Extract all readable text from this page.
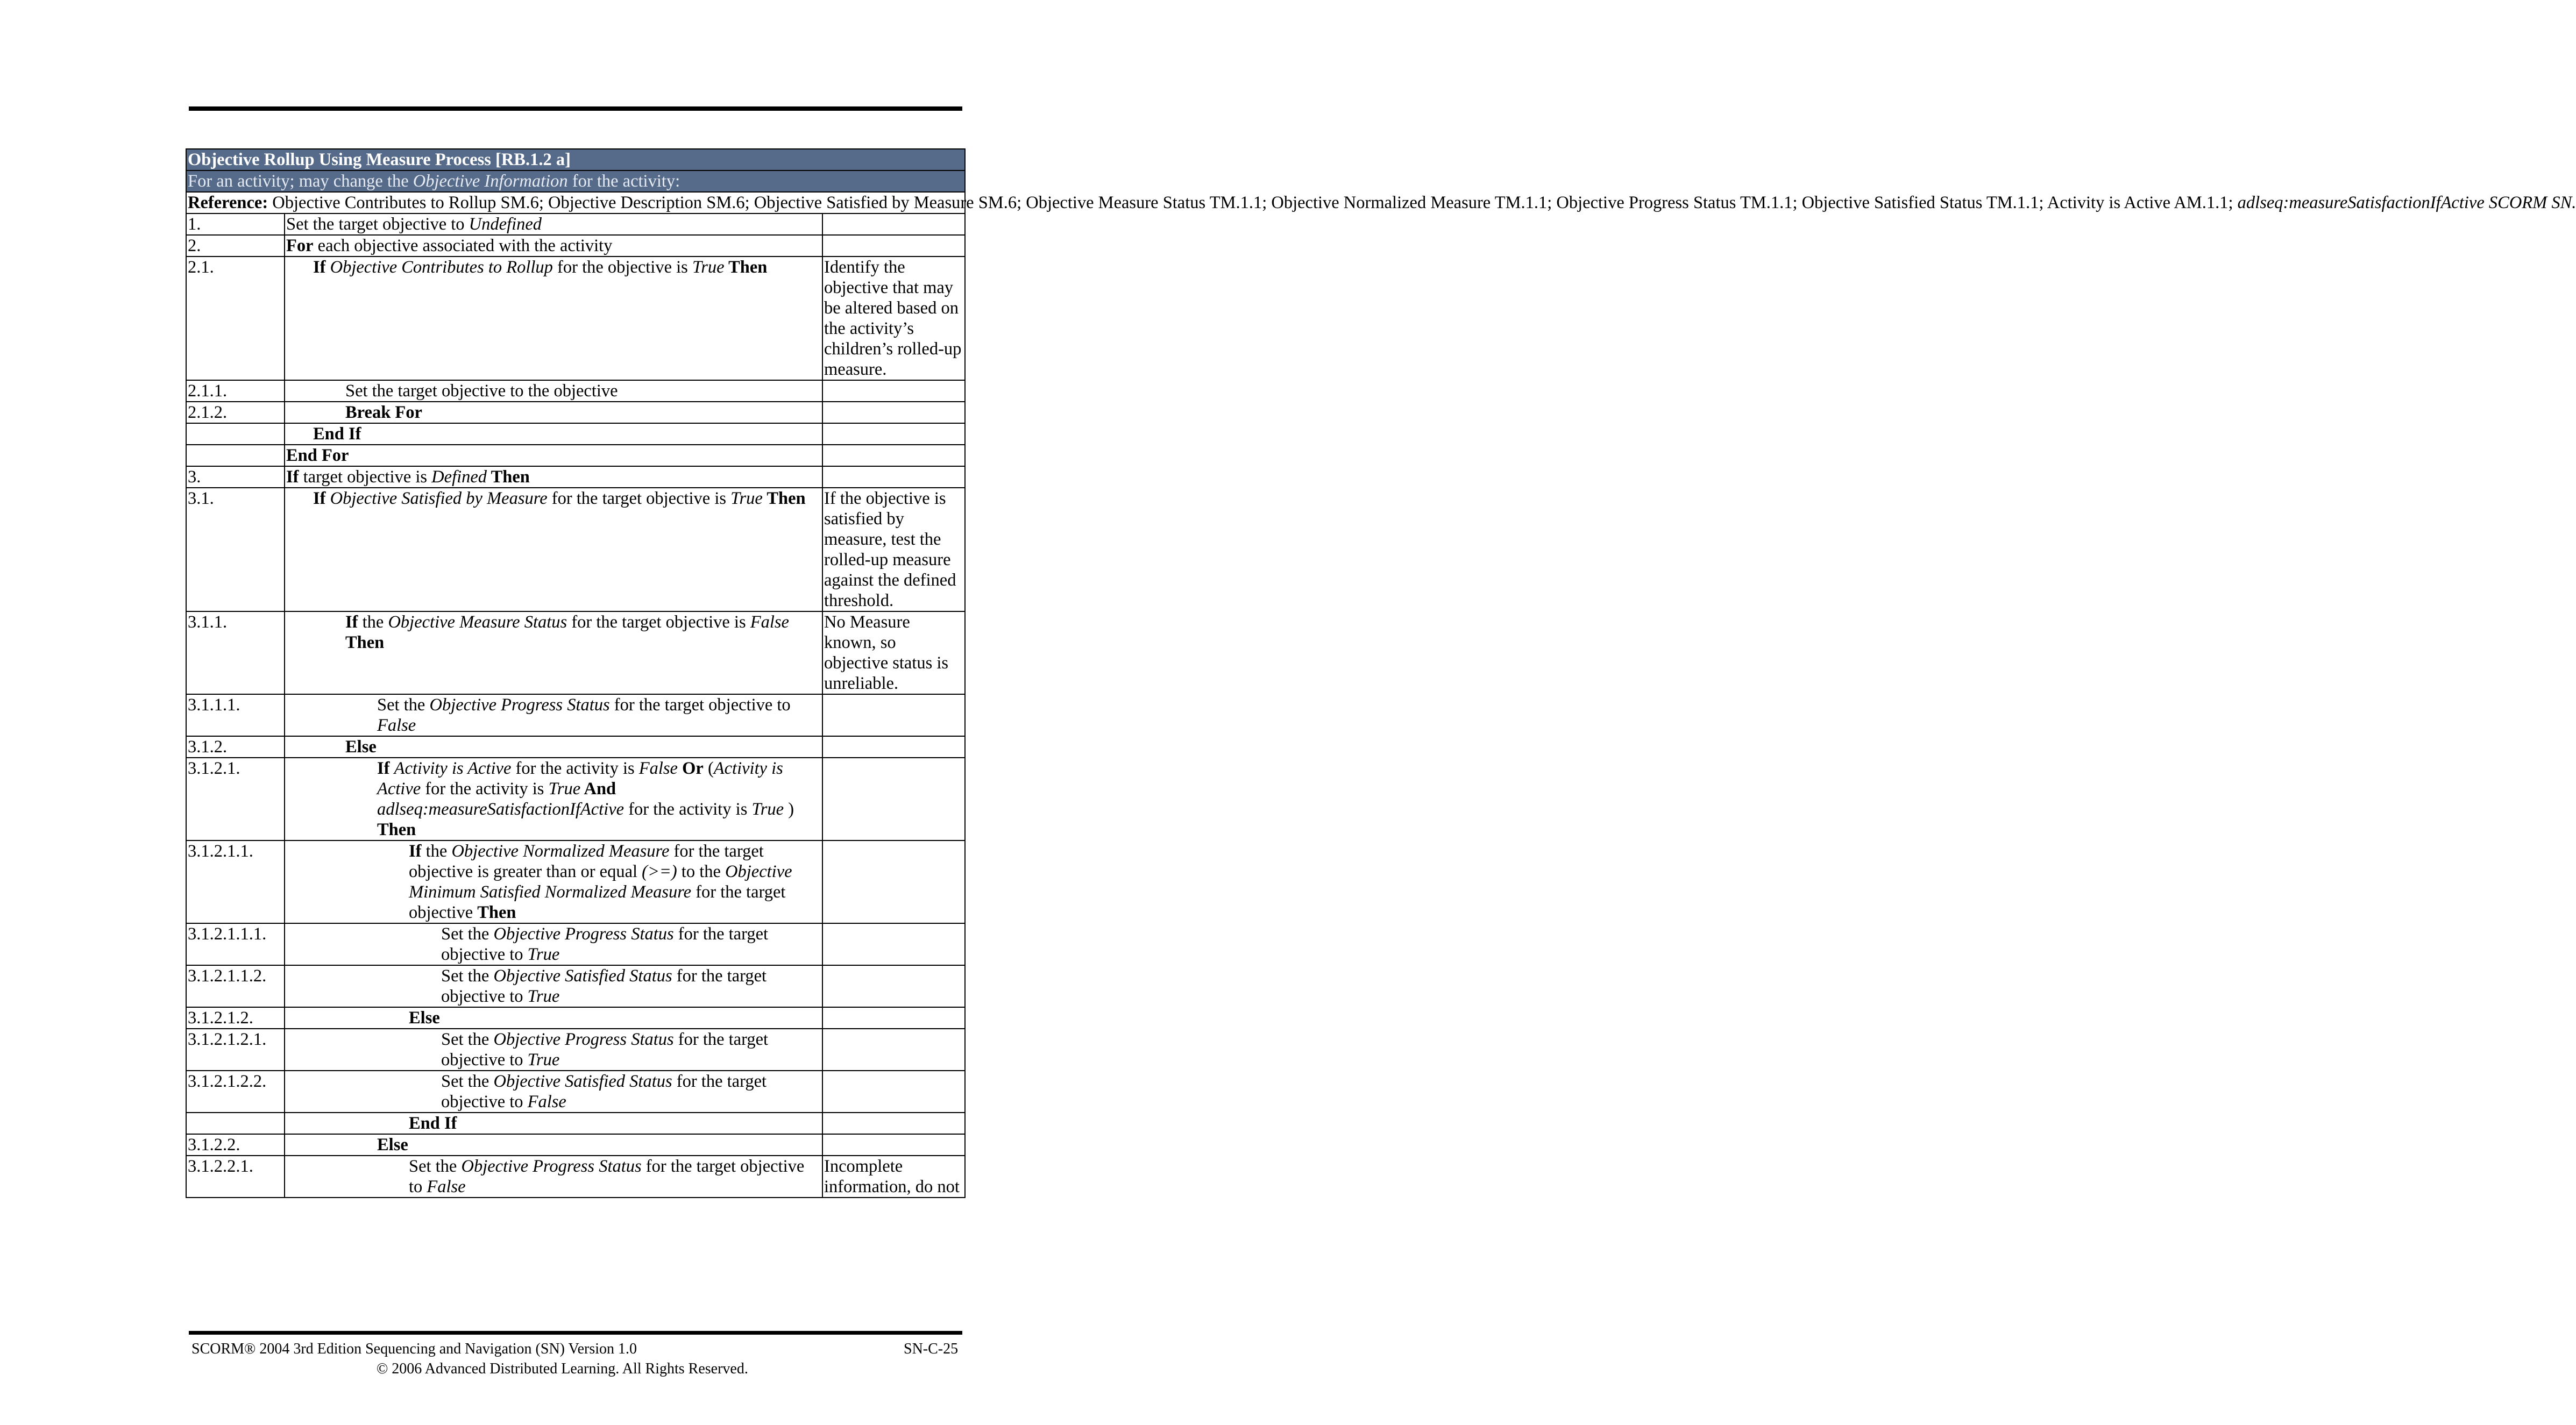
Objective Rollup Using Measure Process [RB.1.2 a]		
For an activity; may change the Objective Information for the activity:		
Reference: Objective Contributes to Rollup SM.6; Objective Description SM.6; Objective Satisfied by Measure SM.6; Objective Measure Status TM.1.1; Objective Normalized Measure TM.1.1; Objective Progress Status TM.1.1; Objective Satisfied Status TM.1.1; Activity is Active AM.1.1; adlseq:measureSatisfactionIfActive SCORM SN.		
1.	Set the target objective to Undefined	
2.	For each objective associated with the activity	
2.1.	If Objective Contributes to Rollup for the objective is True Then	Identify the objective that may be altered based on the activity’s children’s rolled-up measure.
2.1.1.	Set the target objective to the objective	
2.1.2.	Break For	
	End If	
	End For	
3.	If target objective is Defined Then	
3.1.	If Objective Satisfied by Measure for the target objective is True Then	If the objective is satisfied by measure, test the rolled-up measure against the defined threshold.
3.1.1.	If the Objective Measure Status for the target objective is False
Then	No Measure known, so objective status is unreliable.
3.1.1.1.	Set the Objective Progress Status for the target objective to
False	
3.1.2.	Else	
3.1.2.1.	If Activity is Active for the activity is False Or (Activity is
Active for the activity is True And
adlseq:measureSatisfactionIfActive for the activity is True )
Then	
3.1.2.1.1.	If the Objective Normalized Measure for the target
objective is greater than or equal (>=) to the Objective
Minimum Satisfied Normalized Measure for the target
objective Then	
3.1.2.1.1.1.	Set the Objective Progress Status for the target
objective to True	
3.1.2.1.1.2.	Set the Objective Satisfied Status for the target
objective to True	
3.1.2.1.2.	Else	
3.1.2.1.2.1.	Set the Objective Progress Status for the target
objective to True	
3.1.2.1.2.2.	Set the Objective Satisfied Status for the target
objective to False	
	End If	
3.1.2.2.	Else	
3.1.2.2.1.	Set the Objective Progress Status for the target objective
to False	Incomplete information, do not
SCORM® 2004 3rd Edition Sequencing and Navigation (SN) Version 1.0	SN-C-25
© 2006 Advanced Distributed Learning. All Rights Reserved.
